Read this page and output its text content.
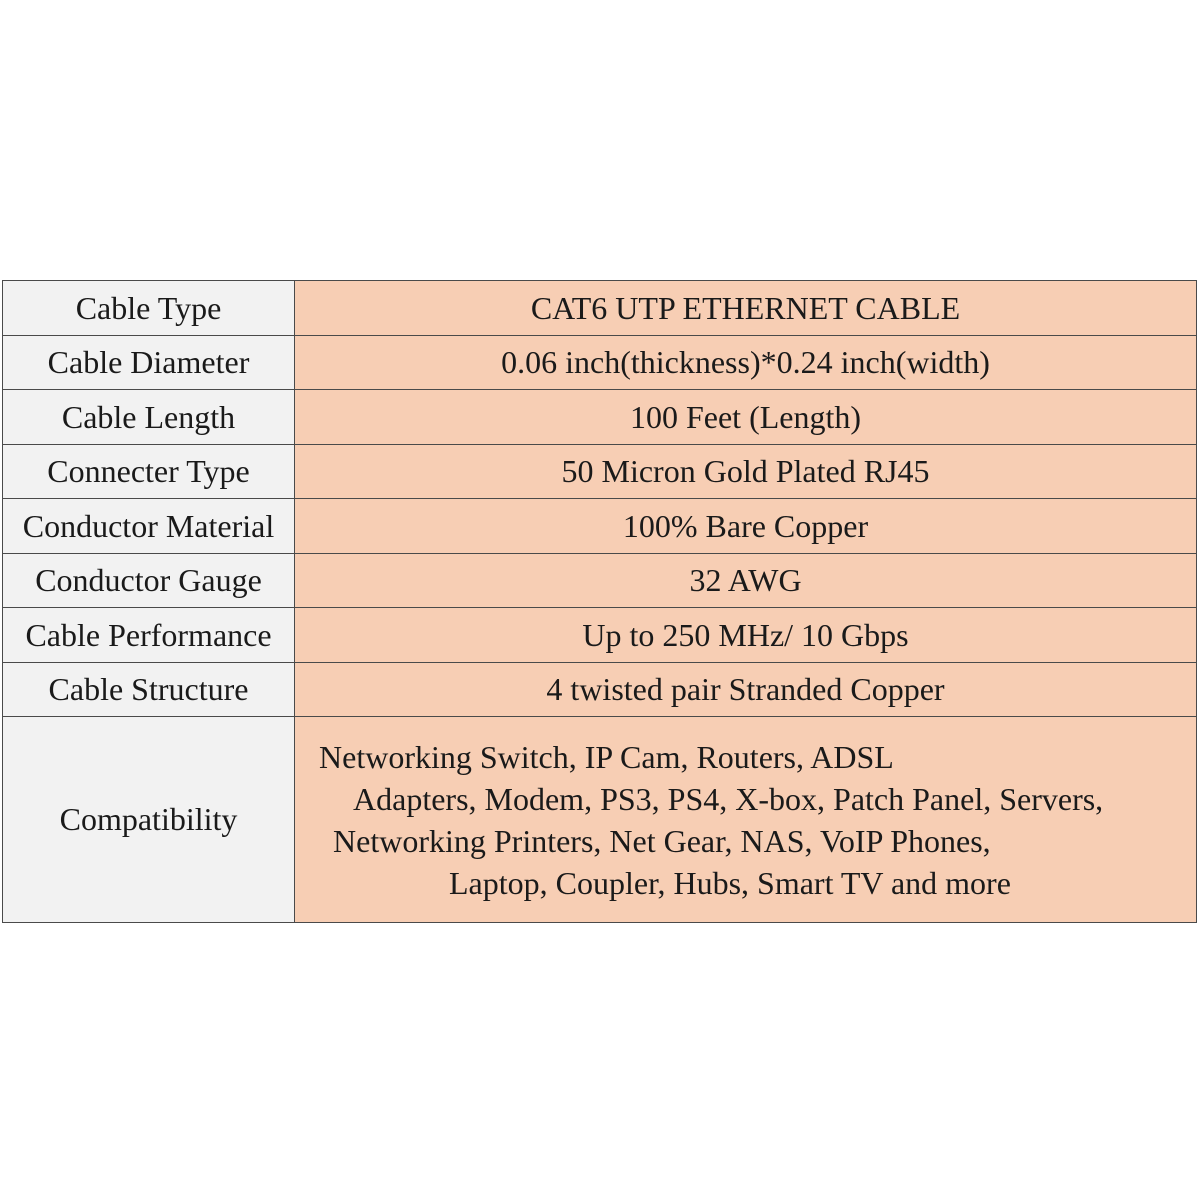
Cable Type	CAT6 UTP ETHERNET CABLE
Cable Diameter	0.06 inch(thickness)*0.24 inch(width)
Cable Length	100 Feet (Length)
Connecter Type	50 Micron Gold Plated RJ45
Conductor Material	100% Bare Copper
Conductor Gauge	32 AWG
Cable Performance	Up to 250 MHz/ 10 Gbps
Cable Structure	4 twisted pair Stranded Copper
Compatibility	Networking Switch, IP Cam, Routers, ADSL
Adapters, Modem, PS3, PS4, X-box, Patch Panel, Servers,
Networking Printers, Net Gear, NAS, VoIP Phones,
Laptop, Coupler, Hubs, Smart TV and more
